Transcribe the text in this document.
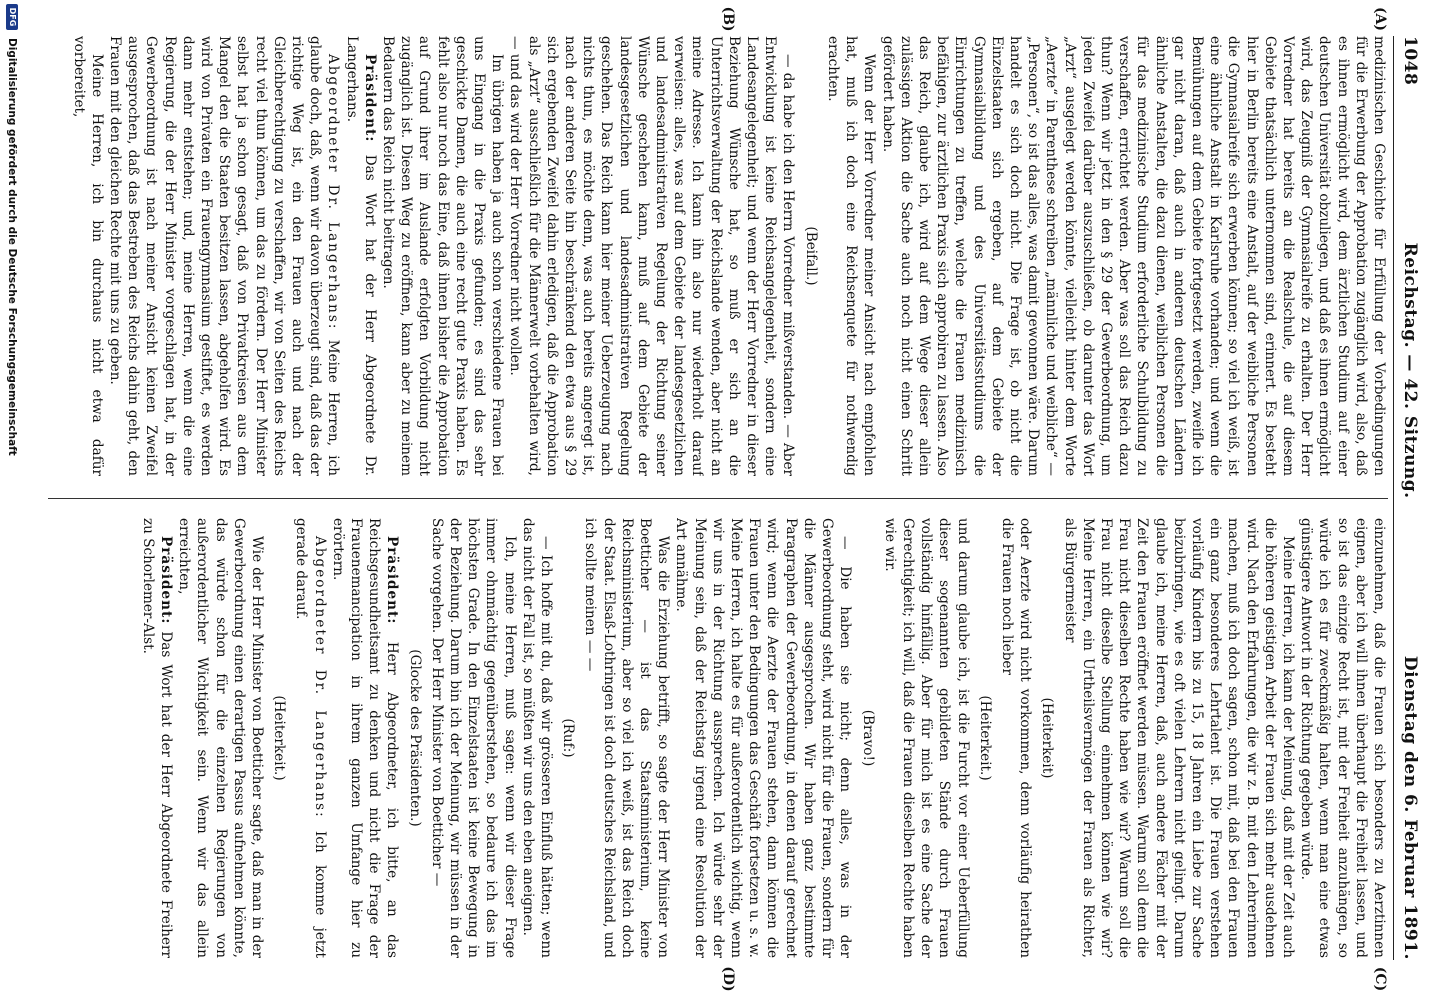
1048
Reichstag. — 42. Sitzung.
Dienstag den 6. Februar 1891.
(A)
(B)
(C)
(D)

medizinischen Geschichte für Erfüllung der Vorbedingungen für die Erwerbung der Approbation zugänglich wird, also, daß es ihnen ermöglicht wird, dem ärztlichen Studium auf einer deutschen Universität obzuliegen, und daß es ihnen ermöglicht wird, das Zeugniß der Gymnasialreife zu erhalten. Der Herr Vorredner hat bereits an die Realschule, die auf diesem Gebiete thatsächlich unternommen sind, erinnert. Es besteht hier in Berlin bereits eine Anstalt, auf der weibliche Personen die Gymnasialreife sich erwerben können; so viel ich weiß, ist eine ähnliche Anstalt in Karlsruhe vorhanden; und wenn die Bemühungen auf dem Gebiete fortgesetzt werden, zweifle ich gar nicht daran, daß auch in anderen deutschen Ländern ähnliche Anstalten, die dazu dienen, weiblichen Personen die für das medizinische Studium erforderliche Schulbildung zu verschaffen, errichtet werden. Aber was soll das Reich dazu thun? Wenn wir jetzt in den § 29 der Gewerbeordnung, um jeden Zweifel darüber auszuschließen, ob darunter das Wort „Arzt“ ausgelegt werden könnte, vielleicht hinter dem Worte „Aerzte“ in Parenthese schreiben „männliche und weibliche“ — „Personen“, so ist das alles, was damit gewonnen wäre. Darum handelt es sich doch nicht. Die Frage ist, ob nicht die Einzelstaaten sich ergeben, auf dem Gebiete der Gymnasialbildung und des Universitätsstudiums die Einrichtungen zu treffen, welche die Frauen medizinisch befähigen, zur ärztlichen Praxis sich approbiren zu lassen. Also das Reich, glaube ich, wird auf dem Wege dieser allein zulässigen Aktion die Sache auch noch nicht einen Schritt gefördert haben.

Wenn der Herr Vorredner meiner Ansicht nach empfohlen hat, muß ich doch eine Reichsenquete für nothwendig erachten.

(Beifall.)

— da habe ich den Herrn Vorredner mißverstanden. — Aber Entwicklung ist keine Reichsangelegenheit, sondern eine Landesangelegenheit; und wenn der Herr Vorredner in dieser Beziehung Wünsche hat, so muß er sich an die Unterrichtsverwaltung der Reichslande wenden, aber nicht an meine Adresse. Ich kann ihn also nur wiederholt darauf verweisen: alles, was auf dem Gebiete der landesgesetzlichen und landesadministrativen Regelung der Richtung seiner Wünsche geschehen kann, muß auf dem Gebiete der landesgesetzlichen und landesadministrativen Regelung geschehen. Das Reich kann hier meiner Ueberzeugung nach nichts thun, es möchte denn, was auch bereits angeregt ist, nach der anderen Seite hin beschränkend den etwa aus § 29 sich ergebenden Zweifel dahin erledigen, daß die Approbation als „Arzt“ ausschließlich für die Männerwelt vorbehalten wird, — und das wird der Herr Vorredner nicht wollen.

Im übrigen haben ja auch schon verschiedene Frauen bei uns Eingang in die Praxis gefunden; es sind das sehr geschickte Damen, die auch eine recht gute Praxis haben. Es fehlt also nur noch das Eine, daß ihnen bisher die Approbation auf Grund ihrer im Auslande erfolgten Vorbildung nicht zugänglich ist. Diesen Weg zu eröffnen, kann aber zu meinem Bedauern das Reich nicht beitragen.

Präsident: Das Wort hat der Herr Abgeordnete Dr. Langerhans.

Abgeordneter Dr. Langerhans: Meine Herren, ich glaube doch, daß, wenn wir davon überzeugt sind, daß das der richtige Weg ist, ein den Frauen auch und nach der Gleichberechtigung zu verschaffen, wir von Seiten des Reichs recht viel thun können, um das zu fördern. Der Herr Minister selbst hat ja schon gesagt, daß von Privatkreisen aus dem Mangel den die Staaten besitzen lassen, abgeholfen wird. Es wird von Privaten ein Frauengymnasium gestiftet, es werden dann mehr entstehen; und, meine Herren, wenn die eine Regierung, die der Herr Minister vorgeschlagen hat, in der Gewerbeordnung ist nach meiner Ansicht keinen Zweifel ausgesprochen, daß das Bestreben des Reichs dahin geht, den Frauen mit den gleichen Rechte mit uns zu geben.

Meine Herren, ich bin durchaus nicht etwa dafür vorbereitet,

einzunehmen, daß die Frauen sich besonders zu Aerztinnen eignen, aber ich will ihnen überhaupt die Freiheit lassen, und so ist das einzige Recht ist, mit der Freiheit anzuhängen, so würde ich es für zweckmäßig halten, wenn man eine etwas günstigere Antwort in der Richtung gegeben würde.

Meine Herren, ich kann der Meinung, daß mit der Zeit auch die höheren geistigen Arbeit der Frauen sich mehr ausdehnen wird. Nach den Erfahrungen, die wir z. B. mit den Lehrerinnen machen, muß ich doch sagen, schon mit, daß bei den Frauen ein ganz besonderes Lehrtalent ist. Die Frauen verstehen vorläufig Kindern bis zu 15, 18 Jahren ein Liebe zur Sache beizubringen, wie es oft vielen Lehrern nicht gelingt. Darum glaube ich, meine Herren, daß, auch andere Fächer mit der Zeit den Frauen eröffnet werden müssen. Warum soll denn die Frau nicht dieselben Rechte haben wie wir? Warum soll die Frau nicht dieselbe Stellung einnehmen können wie wir? Meine Herren, ein Urtheilsvermögen der Frauen als Richter, als Bürgermeister

(Heiterkeit)

oder Aerzte wird nicht vorkommen, denn vorläufig heirathen die Frauen noch lieber

(Heiterkeit.)

und darum glaube ich, ist die Furcht vor einer Ueberfüllung dieser sogenannten gebildeten Stände durch Frauen vollständig hinfällig. Aber für mich ist es eine Sache der Gerechtigkeit; ich will, daß die Frauen dieselben Rechte haben wie wir.

(Bravo!)

— Die haben sie nicht; denn alles, was in der Gewerbeordnung steht, wird nicht für die Frauen, sondern für die Männer ausgesprochen. Wir haben ganz bestimmte Paragraphen der Gewerbeordnung, in denen darauf gerechnet wird; wenn die Aerzte der Frauen stehen, dann können die Frauen unter den Bedingungen das Geschäft fortsetzen u. s. w. Meine Herren, ich halte es für außerordentlich wichtig, wenn wir uns in der Richtung aussprechen. Ich würde sehr der Meinung sein, daß der Reichstag irgend eine Resolution der Art annähme.

Was die Erziehung betrifft, so sagte der Herr Minister von Boetticher — ist das Staatsministerium, keine Reichsministerium, aber so viel ich weiß, ist das Reich doch der Staat. Elsaß-Lothringen ist doch deutsches Reichsland, und ich sollte meinen — —

(Ruf:)

— Ich hoffe mit du, daß wir grösseren Einfluß hätten; wenn das nicht der Fall ist, so müßten wir uns den eben aneignen.

Ich, meine Herren, muß sagen: wenn wir dieser Frage immer ohnmächtig gegenüberstehen, so bedaure ich das im höchsten Grade. In den Einzelstaaten ist keine Bewegung in der Beziehung. Darum bin ich der Meinung, wir müssen in der Sache vorgehen. Der Herr Minister von Boetticher —

(Glocke des Präsidenten.)

Präsident: Herr Abgeordneter, ich bitte, an das Reichsgesundheitsamt zu denken und nicht die Frage der Frauenemancipation in ihrem ganzen Umfange hier zu erörtern.

Abgeordneter Dr. Langerhans: Ich komme jetzt gerade darauf.

(Heiterkeit.)

Wie der Herr Minister von Boetticher sagte, daß man in der Gewerbeordnung einen derartigen Passus aufnehmen könnte, das würde schon für die einzelnen Regierungen von außerordentlicher Wichtigkeit sein. Wenn wir das allein erreichten,

Präsident: Das Wort hat der Herr Abgeordnete Freiherr zu Schorlemer-Alst.

DFG
Digitalisierung gefördert durch die Deutsche Forschungsgemeinschaft
